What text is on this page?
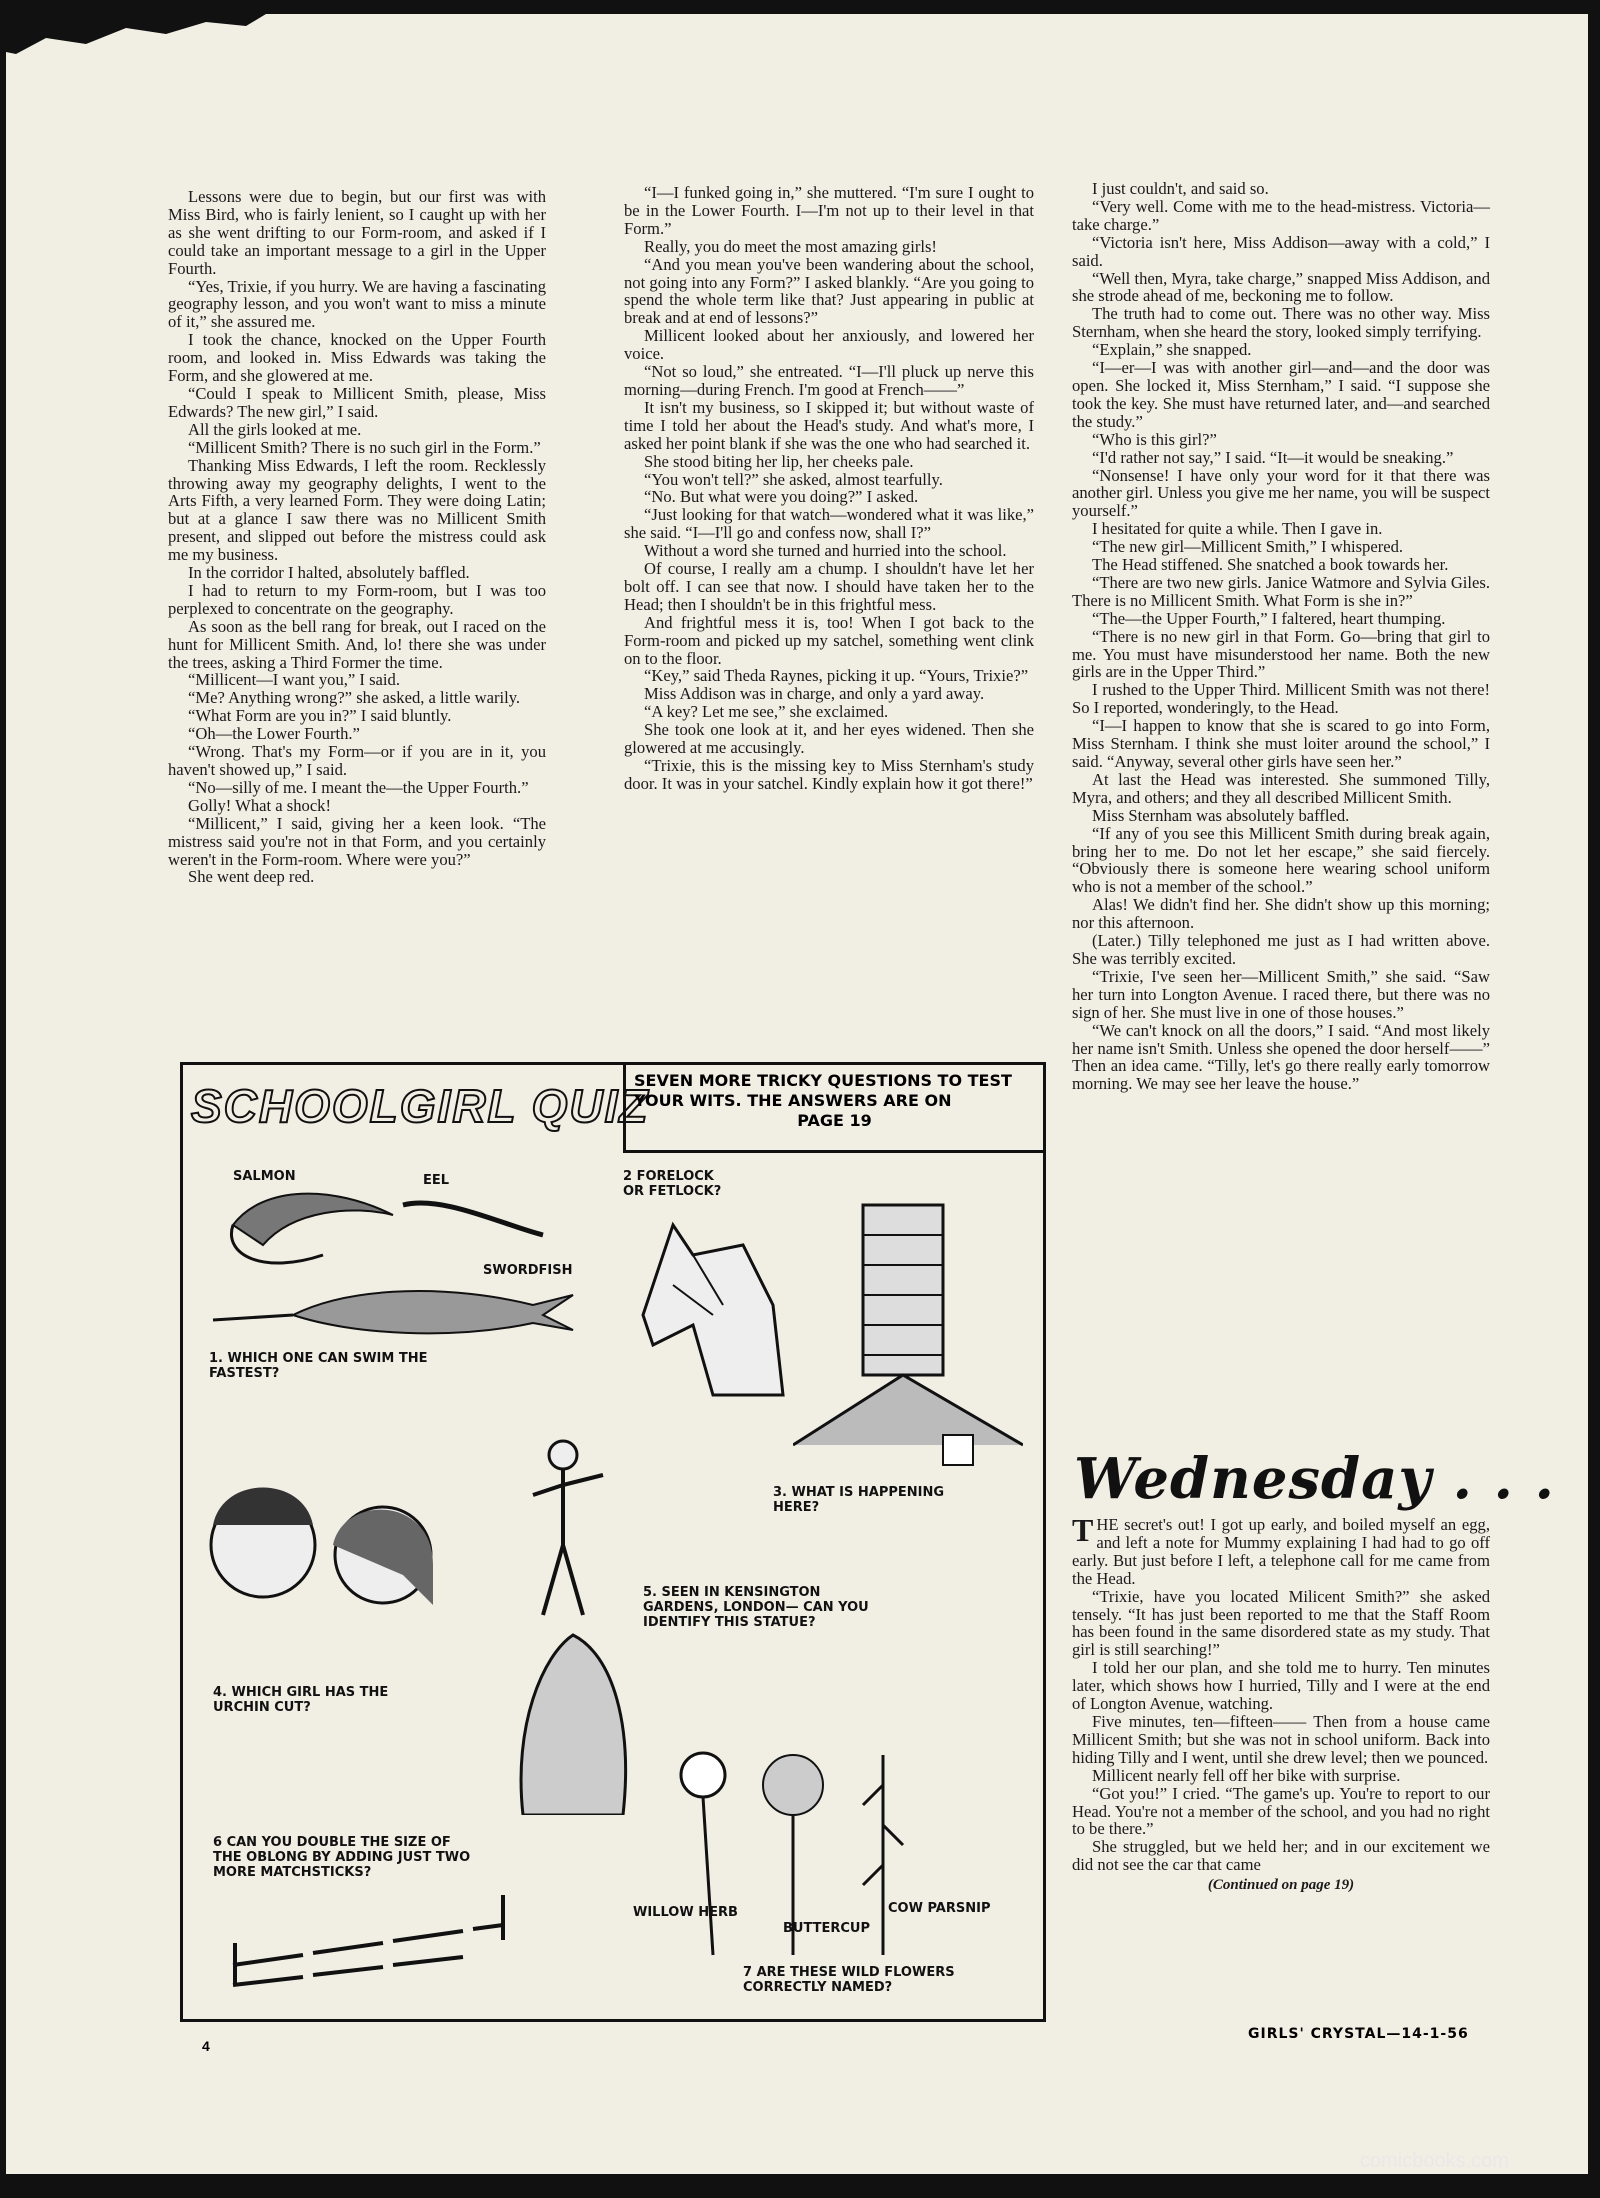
Lessons were due to begin, but our first was with Miss Bird, who is fairly lenient, so I caught up with her as she went drifting to our Form-room, and asked if I could take an important message to a girl in the Upper Fourth.

“Yes, Trixie, if you hurry. We are having a fascinating geography lesson, and you won't want to miss a minute of it,” she assured me.

I took the chance, knocked on the Upper Fourth room, and looked in. Miss Edwards was taking the Form, and she glowered at me.

“Could I speak to Millicent Smith, please, Miss Edwards? The new girl,” I said.

All the girls looked at me.

“Millicent Smith? There is no such girl in the Form.”

Thanking Miss Edwards, I left the room. Recklessly throwing away my geography delights, I went to the Arts Fifth, a very learned Form. They were doing Latin; but at a glance I saw there was no Millicent Smith present, and slipped out before the mistress could ask me my business.

In the corridor I halted, absolutely baffled.

I had to return to my Form-room, but I was too perplexed to concentrate on the geography.

As soon as the bell rang for break, out I raced on the hunt for Millicent Smith. And, lo! there she was under the trees, asking a Third Former the time.

“Millicent—I want you,” I said.

“Me? Anything wrong?” she asked, a little warily.

“What Form are you in?” I said bluntly.

“Oh—the Lower Fourth.”

“Wrong. That's my Form—or if you are in it, you haven't showed up,” I said.

“No—silly of me. I meant the—the Upper Fourth.”

Golly! What a shock!

“Millicent,” I said, giving her a keen look. “The mistress said you're not in that Form, and you certainly weren't in the Form-room. Where were you?”

She went deep red.

“I—I funked going in,” she muttered. “I'm sure I ought to be in the Lower Fourth. I—I'm not up to their level in that Form.”

Really, you do meet the most amazing girls!

“And you mean you've been wandering about the school, not going into any Form?” I asked blankly. “Are you going to spend the whole term like that? Just appearing in public at break and at end of lessons?”

Millicent looked about her anxiously, and lowered her voice.

“Not so loud,” she entreated. “I—I'll pluck up nerve this morning—during French. I'm good at French——”

It isn't my business, so I skipped it; but without waste of time I told her about the Head's study. And what's more, I asked her point blank if she was the one who had searched it.

She stood biting her lip, her cheeks pale.

“You won't tell?” she asked, almost tearfully.

“No. But what were you doing?” I asked.

“Just looking for that watch—wondered what it was like,” she said. “I—I'll go and confess now, shall I?”

Without a word she turned and hurried into the school.

Of course, I really am a chump. I shouldn't have let her bolt off. I can see that now. I should have taken her to the Head; then I shouldn't be in this frightful mess.

And frightful mess it is, too! When I got back to the Form-room and picked up my satchel, something went clink on to the floor.

“Key,” said Theda Raynes, picking it up. “Yours, Trixie?”

Miss Addison was in charge, and only a yard away.

“A key? Let me see,” she exclaimed.

She took one look at it, and her eyes widened. Then she glowered at me accusingly.

“Trixie, this is the missing key to Miss Sternham's study door. It was in your satchel. Kindly explain how it got there!”

I just couldn't, and said so.

“Very well. Come with me to the head-mistress. Victoria—take charge.”

“Victoria isn't here, Miss Addison—away with a cold,” I said.

“Well then, Myra, take charge,” snapped Miss Addison, and she strode ahead of me, beckoning me to follow.

The truth had to come out. There was no other way. Miss Sternham, when she heard the story, looked simply terrifying.

“Explain,” she snapped.

“I—er—I was with another girl—and—and the door was open. She locked it, Miss Sternham,” I said. “I suppose she took the key. She must have returned later, and—and searched the study.”

“Who is this girl?”

“I'd rather not say,” I said. “It—it would be sneaking.”

“Nonsense! I have only your word for it that there was another girl. Unless you give me her name, you will be suspect yourself.”

I hesitated for quite a while. Then I gave in.

“The new girl—Millicent Smith,” I whispered.

The Head stiffened. She snatched a book towards her.

“There are two new girls. Janice Watmore and Sylvia Giles. There is no Millicent Smith. What Form is she in?”

“The—the Upper Fourth,” I faltered, heart thumping.

“There is no new girl in that Form. Go—bring that girl to me. You must have misunderstood her name. Both the new girls are in the Upper Third.”

I rushed to the Upper Third. Millicent Smith was not there! So I reported, wonderingly, to the Head.

“I—I happen to know that she is scared to go into Form, Miss Sternham. I think she must loiter around the school,” I said. “Anyway, several other girls have seen her.”

At last the Head was interested. She summoned Tilly, Myra, and others; and they all described Millicent Smith.

Miss Sternham was absolutely baffled.

“If any of you see this Millicent Smith during break again, bring her to me. Do not let her escape,” she said fiercely. “Obviously there is someone here wearing school uniform who is not a member of the school.”

Alas! We didn't find her. She didn't show up this morning; nor this afternoon.

(Later.) Tilly telephoned me just as I had written above. She was terribly excited.

“Trixie, I've seen her—Millicent Smith,” she said. “Saw her turn into Longton Avenue. I raced there, but there was no sign of her. She must live in one of those houses.”

“We can't knock on all the doors,” I said. “And most likely her name isn't Smith. Unless she opened the door herself——” Then an idea came. “Tilly, let's go there really early tomorrow morning. We may see her leave the house.”

Wednesday . . .
T HE secret's out! I got up early, and boiled myself an egg, and left a note for Mummy explaining I had had to go off early. But just before I left, a telephone call for me came from the Head.

“Trixie, have you located Milicent Smith?” she asked tensely. “It has just been reported to me that the Staff Room has been found in the same disordered state as my study. That girl is still searching!”

I told her our plan, and she told me to hurry. Ten minutes later, which shows how I hurried, Tilly and I were at the end of Longton Avenue, watching.

Five minutes, ten—fifteen—— Then from a house came Millicent Smith; but she was not in school uniform. Back into hiding Tilly and I went, until she drew level; then we pounced.

Millicent nearly fell off her bike with surprise.

“Got you!” I cried. “The game's up. You're to report to our Head. You're not a member of the school, and you had no right to be there.”

She struggled, but we held her; and in our excitement we did not see the car that came

(Continued on page 19)
SCHOOLGIRL QUIZ
SEVEN MORE TRICKY QUESTIONS TO TEST YOUR WITS. THE ANSWERS ARE ON
PAGE 19
SALMON	EEL
SWORDFISH
1. WHICH ONE CAN SWIM THE FASTEST?
2 FORELOCK OR FETLOCK?
3. WHAT IS HAPPENING HERE?
4. WHICH GIRL HAS THE URCHIN CUT?
5. SEEN IN KENSINGTON GARDENS, LONDON— CAN YOU IDENTIFY THIS STATUE?
6 CAN YOU DOUBLE THE SIZE OF THE OBLONG BY ADDING JUST TWO MORE MATCHSTICKS?
WILLOW HERB
BUTTERCUP
COW PARSNIP
7 ARE THESE WILD FLOWERS CORRECTLY NAMED?
4
GIRLS' CRYSTAL—14-1-56
comicbooks.com
